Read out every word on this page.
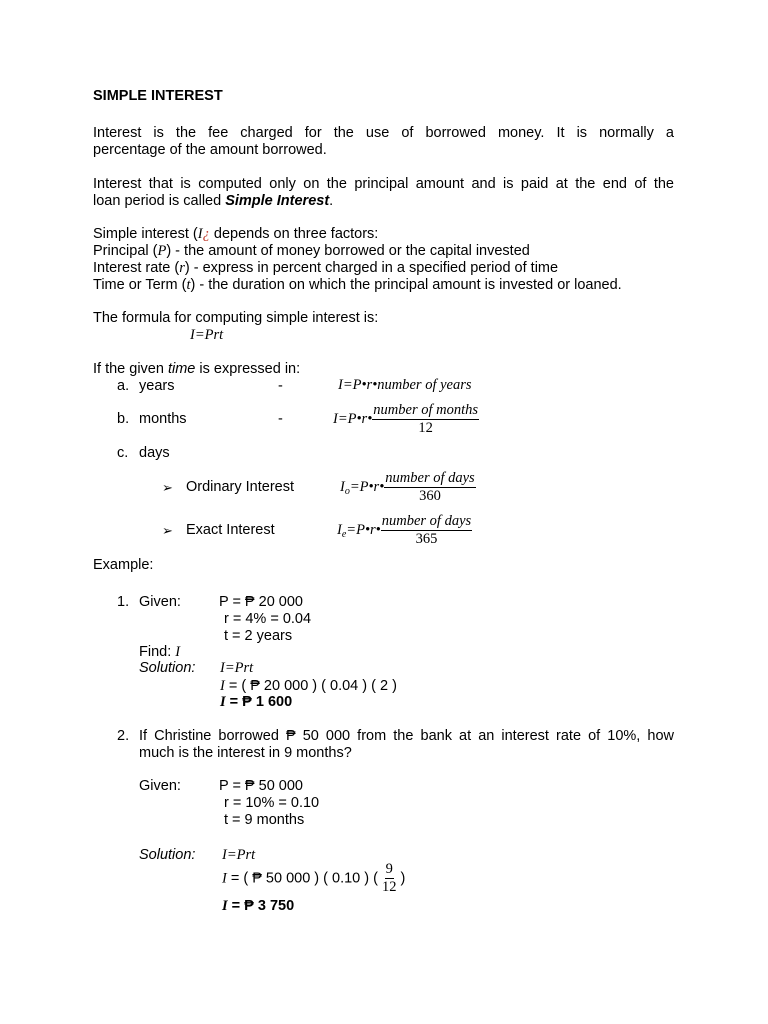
SIMPLE INTEREST
Interest is the fee charged for the use of borrowed money. It is normally a
percentage of the amount borrowed.
Interest that is computed only on the principal amount and is paid at the end of the
loan period is called Simple Interest.
Simple interest (I¿ depends on three factors:
Principal (P) - the amount of money borrowed or the capital invested
Interest rate (r) - express in percent charged in a specified period of time
Time or Term (t) - the duration on which the principal amount is invested or loaned.
The formula for computing simple interest is:
I=Prt
If the given time is expressed in:
a. years	-	I=P•r•number of years
b. months	-	I=P•r• $\frac{\text{number of months}}{12}$
c. days
➢ Ordinary Interest	$I_o=P•r• \frac{\text{number of days}}{360}$
➢ Exact Interest	$I_e=P•r• \frac{\text{number of days}}{365}$
Example:
1. Given:	P = ₱ 20 000
r = 4% = 0.04
t = 2 years
Find: I
Solution: I=Prt
I = ( ₱ 20 000 ) ( 0.04 ) ( 2 )
I = ₱ 1 600
2. If Christine borrowed ₱ 50 000 from the bank at an interest rate of 10%, how
much is the interest in 9 months?
Given:	P = ₱ 50 000
r = 10% = 0.10
t = 9 months
Solution: I=Prt
I = ( ₱ 50 000 ) ( 0.10 ) ( $\frac{9}{12}$ )
I = ₱ 3 750
